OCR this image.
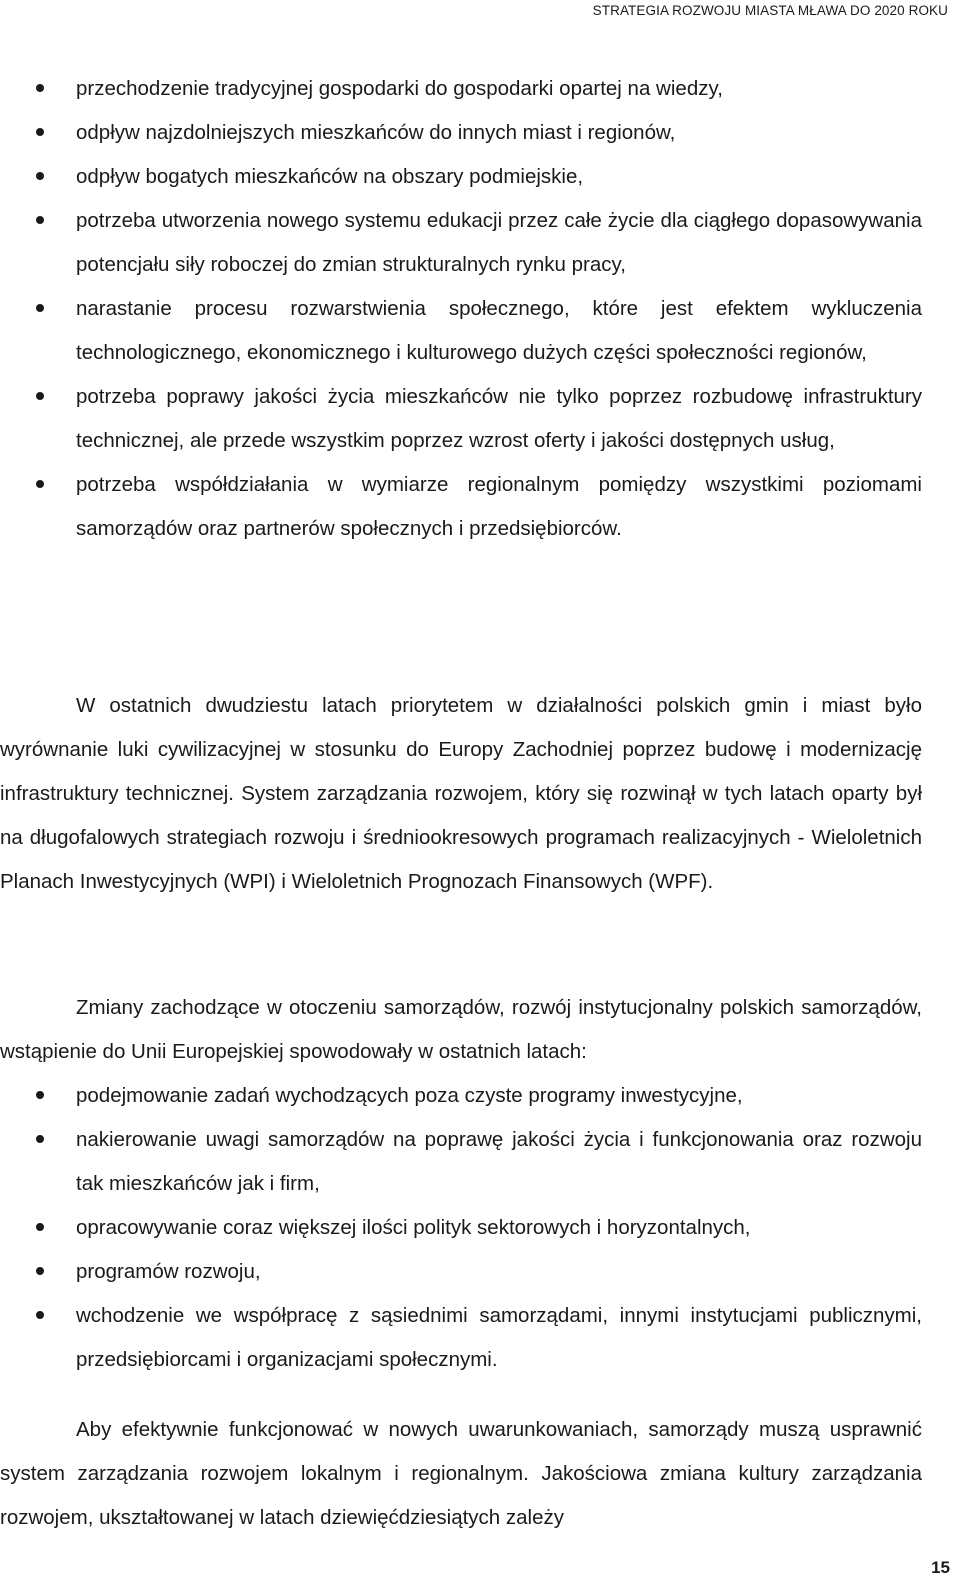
STRATEGIA ROZWOJU MIASTA MŁAWA DO 2020 ROKU
przechodzenie tradycyjnej gospodarki do gospodarki opartej na wiedzy,
odpływ najzdolniejszych mieszkańców do innych miast i regionów,
odpływ bogatych mieszkańców na obszary podmiejskie,
potrzeba utworzenia nowego systemu edukacji przez całe życie dla ciągłego dopasowywania potencjału siły roboczej do zmian strukturalnych rynku pracy,
narastanie procesu rozwarstwienia społecznego, które jest efektem wykluczenia technologicznego, ekonomicznego i kulturowego dużych części społeczności regionów,
potrzeba poprawy jakości życia mieszkańców nie tylko poprzez rozbudowę infrastruktury technicznej, ale przede wszystkim poprzez wzrost oferty i jakości dostępnych usług,
potrzeba współdziałania w wymiarze regionalnym pomiędzy wszystkimi poziomami samorządów oraz partnerów społecznych i przedsiębiorców.

W ostatnich dwudziestu latach priorytetem w działalności polskich gmin i miast było wyrównanie luki cywilizacyjnej w stosunku do Europy Zachodniej poprzez budowę i modernizację infrastruktury technicznej. System zarządzania rozwojem, który się rozwinął w tych latach oparty był na długofalowych strategiach rozwoju i średniookresowych programach realizacyjnych - Wieloletnich Planach Inwestycyjnych (WPI) i Wieloletnich Prognozach Finansowych (WPF).

Zmiany zachodzące w otoczeniu samorządów, rozwój instytucjonalny polskich samorządów, wstąpienie do Unii Europejskiej spowodowały w ostatnich latach:

podejmowanie zadań wychodzących poza czyste programy inwestycyjne,
nakierowanie uwagi samorządów na poprawę jakości życia i funkcjonowania oraz rozwoju tak mieszkańców jak i firm,
opracowywanie coraz większej ilości polityk sektorowych i horyzontalnych,
programów rozwoju,
wchodzenie we współpracę z sąsiednimi samorządami, innymi instytucjami publicznymi, przedsiębiorcami i organizacjami społecznymi.

Aby efektywnie funkcjonować w nowych uwarunkowaniach, samorządy muszą usprawnić system zarządzania rozwojem lokalnym i regionalnym. Jakościowa zmiana kultury zarządzania rozwojem, ukształtowanej w latach dziewięćdziesiątych zależy

15
